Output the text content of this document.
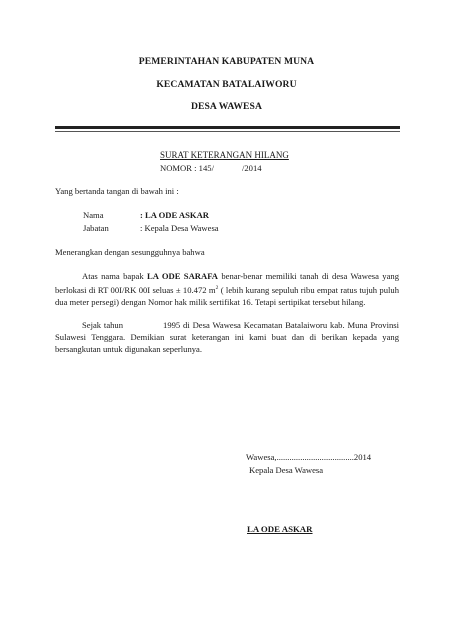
PEMERINTAHAN KABUPATEN MUNA
KECAMATAN BATALAIWORU
DESA WAWESA
SURAT KETERANGAN HILANG
NOMOR : 145/	/2014
Yang bertanda tangan di bawah ini :
Nama	: LA ODE ASKAR
Jabatan	: Kepala Desa Wawesa
Menerangkan dengan sesungguhnya bahwa
Atas nama bapak LA ODE SARAFA benar-benar memiliki tanah di desa Wawesa yang berlokasi di RT 00I/RK 00I seluas ± 10.472 $m^2$ ( lebih kurang sepuluh ribu empat ratus tujuh puluh dua meter persegi) dengan Nomor hak milik sertifikat 16. Tetapi sertipikat tersebut hilang.
Sejak tahun	1995 di Desa Wawesa Kecamatan Batalaiworu kab. Muna Provinsi Sulawesi Tenggara. Demikian surat keterangan ini kami buat dan di berikan kepada yang bersangkutan untuk digunakan seperlunya.
Wawesa,....................................2014
Kepala Desa Wawesa
LA ODE ASKAR
